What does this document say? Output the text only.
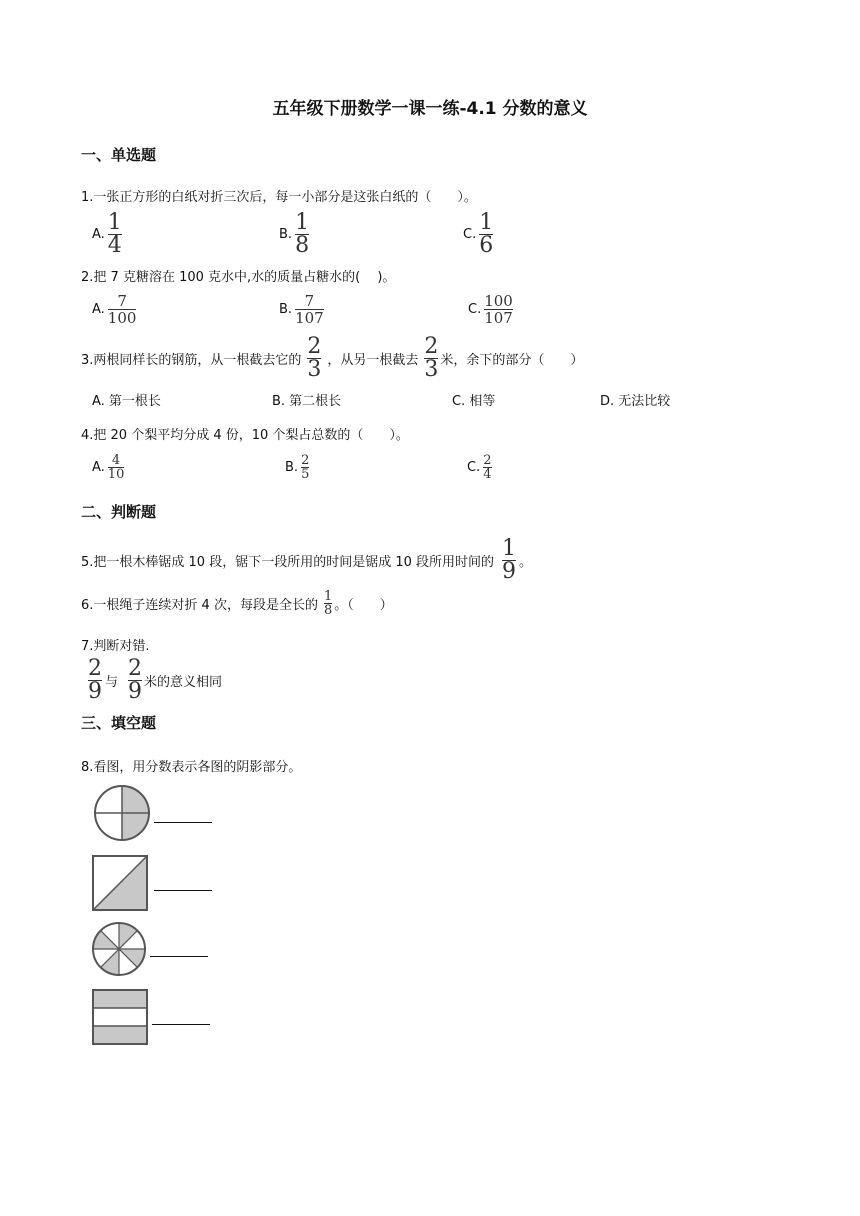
五年级下册数学一课一练-4.1 分数的意义
一、单选题
1.一张正方形的白纸对折三次后，每一小部分是这张白纸的（　　）。
A. $\frac{1}{4}$	B. $\frac{1}{8}$	C. $\frac{1}{6}$
2.把 7 克糖溶在 100 克水中,水的质量占糖水的(　 )。
A. $\frac{7}{100}$	B. $\frac{7}{107}$	C. $\frac{100}{107}$
3.两根同样长的钢筋，从一根截去它的 $\frac{2}{3}$ ，从另一根截去 $\frac{2}{3}$ 米，余下的部分（　　）
A. 第一根长	B. 第二根长	C. 相等	D. 无法比较
4.把 20 个梨平均分成 4 份，10 个梨占总数的（　　）。
A. $\frac{4}{10}$	B. $\frac{2}{5}$	C. $\frac{2}{4}$
二、判断题
5.把一根木棒锯成 10 段，锯下一段所用的时间是锯成 10 段所用时间的 $\frac{1}{9}$ 。
6.一根绳子连续对折 4 次，每段是全长的 $\frac{1}{8}$ 。（　　）
7.判断对错.
$\frac{2}{9}$ 与 $\frac{2}{9}$ 米的意义相同
三、填空题
8.看图，用分数表示各图的阴影部分。
